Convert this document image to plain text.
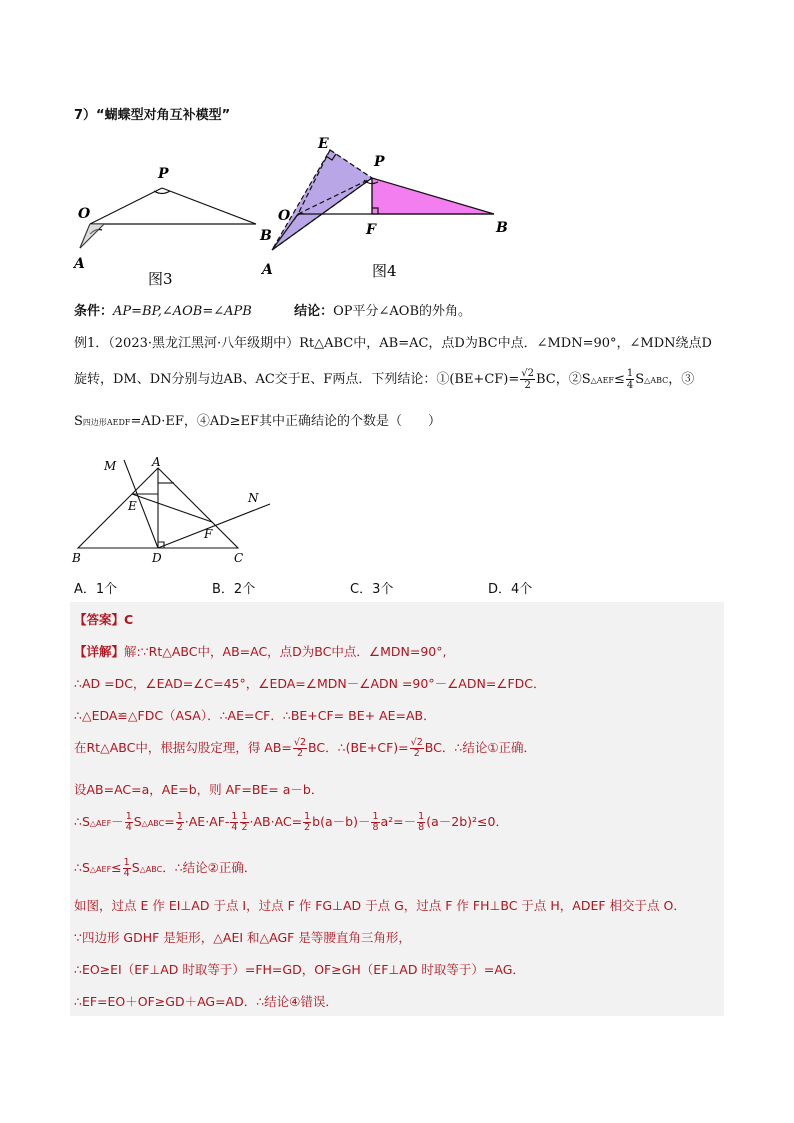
7）“蝴蝶型对角互补模型”
P
O
A
B
图3
E
P
O
F	B
A	图4
条件：AP=BP,∠AOB=∠APB	结论：OP平分∠AOB的外角。
例1．（2023·黑龙江黑河·八年级期中）Rt△ABC中，AB=AC，点D为BC中点．∠MDN=90°，∠MDN绕点D
旋转，DM、DN分别与边AB、AC交于E、F两点．下列结论：①(BE+CF)= $\frac{√2}{2}$ BC，②S△AEF≤ $\frac{1}{4}$ S△ABC，③
S四边形AEDF=AD·EF，④AD≥EF其中正确结论的个数是（　　）
M	A
N
E
F
B	D	C
A．1个	B．2个	C．3个	D．4个
【答案】C
【详解】解:∵Rt△ABC中，AB=AC，点D为BC中点．∠MDN=90°,
∴AD =DC，∠EAD=∠C=45°，∠EDA=∠MDN－∠ADN =90°－∠ADN=∠FDC．
∴△EDA≌△FDC（ASA）．∴AE=CF．∴BE+CF= BE+ AE=AB．
在Rt△ABC中，根据勾股定理，得 $AB= \frac{√2}{2}$ BC．∴(BE+CF)= $\frac{√2}{2}$ BC．∴结论①正确．
设AB=AC=a，AE=b，则 AF=BE= a－b．
∴S△AEF－ $\frac{1}{4}$ S△ABC= $\frac{1}{2} \cdot AE\cdot AF- \frac{1}{4} \frac{1}{2} \cdot AB\cdot AC= \frac{1}{2} b(a-b)- \frac{1}{8} a^2=- \frac{1}{8} (a-2b)^2\le 0$．
∴S△AEF≤ $\frac{1}{4}$ S△ABC．∴结论②正确．
如图，过点 E 作 EI⊥AD 于点 I，过点 F 作 FG⊥AD 于点 G，过点 F 作 FH⊥BC 于点 H，ADEF 相交于点 O．
∵四边形 GDHF 是矩形，△AEI 和△AGF 是等腰直角三角形，
∴EO≥EI（EF⊥AD 时取等于）=FH=GD，OF≥GH（EF⊥AD 时取等于）=AG．
∴EF=EO＋OF≥GD＋AG=AD．∴结论④错误．
